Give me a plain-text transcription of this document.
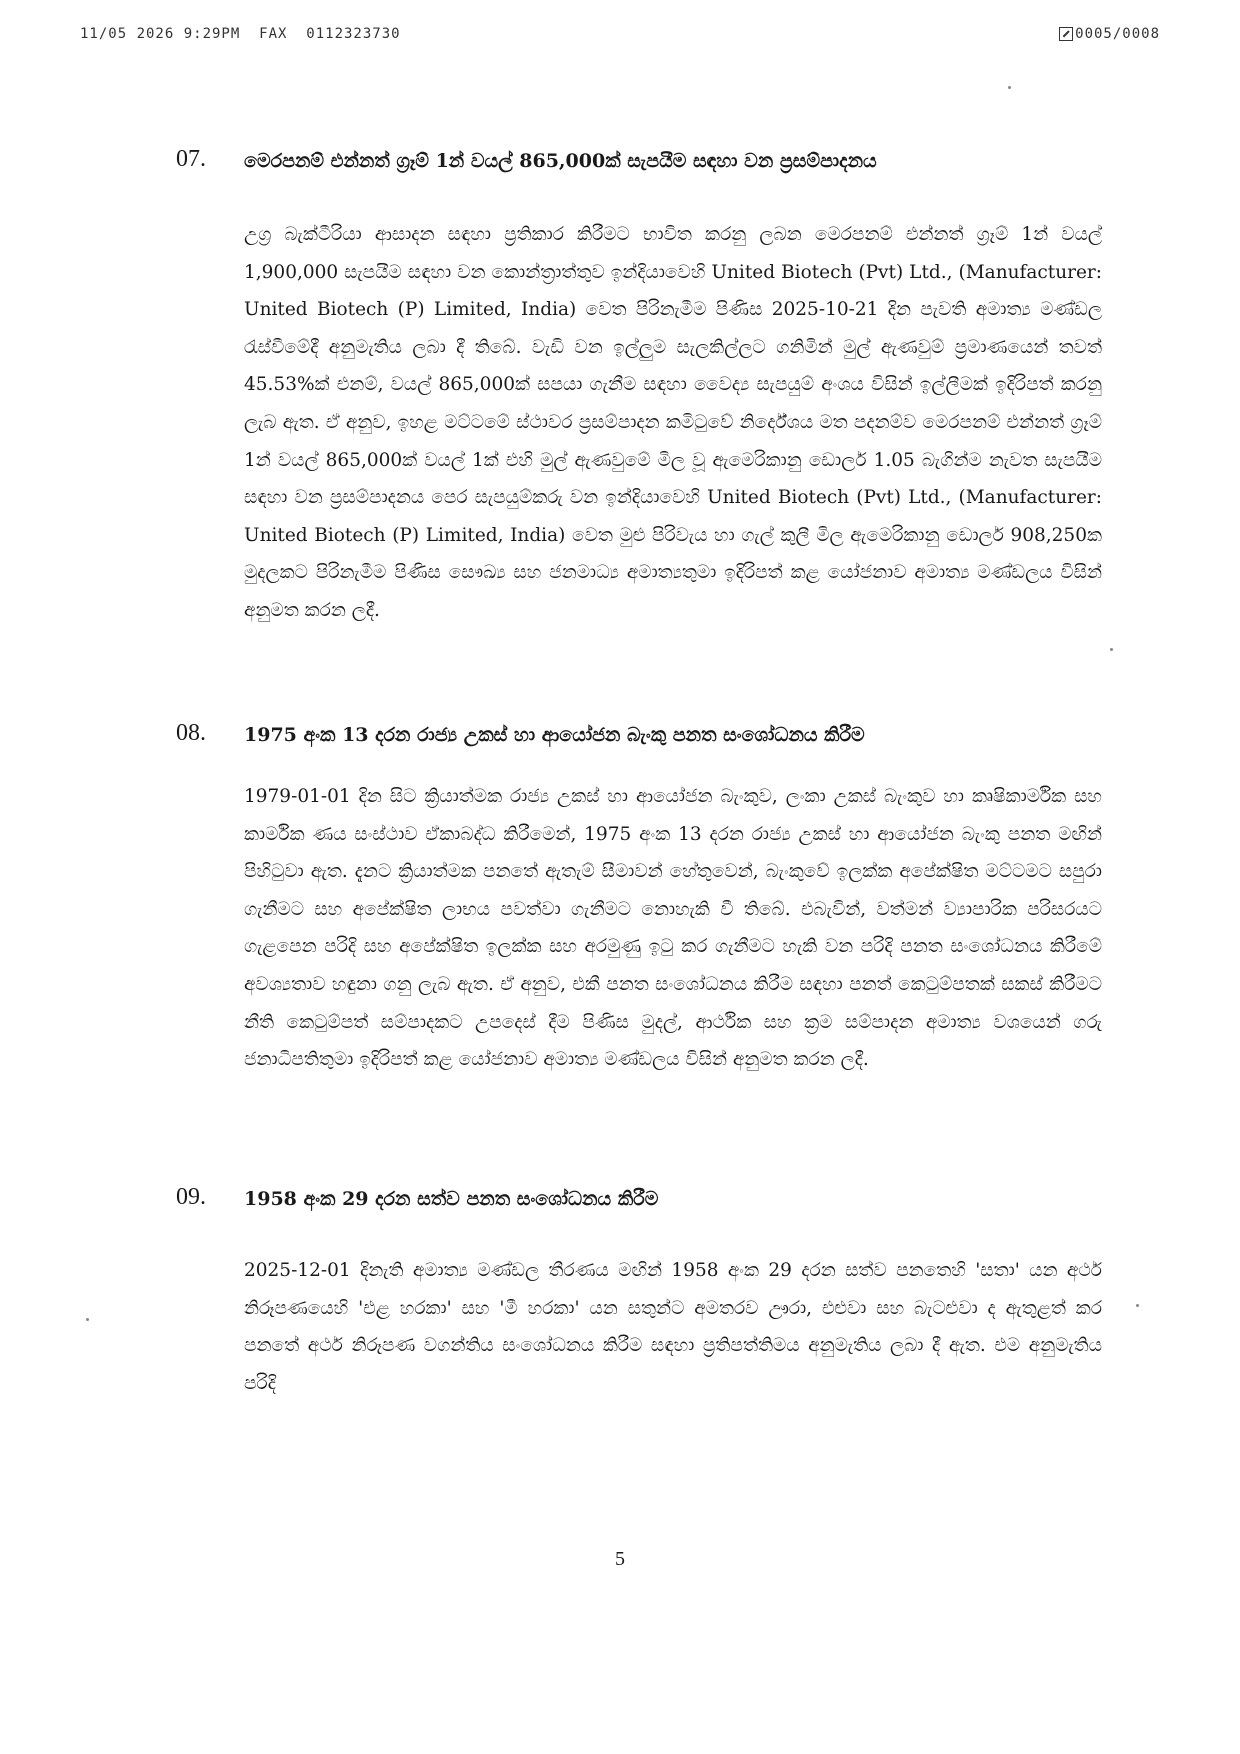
11/05 2026 9:29PM  FAX  0112323730	0005/0008
07. මෙරපනම් එන්නත් ග්‍රෑම් 1න් වයල් 865,000ක් සැපයීම සඳහා වන ප්‍රසම්පාදනය
උග්‍ර බැක්ටීරියා ආසාදන සඳහා ප්‍රතිකාර කිරීමට භාවිත කරනු ලබන මෙරපනම් එන්නත් ග්‍රෑම් 1න් වයල් 1,900,000 සැපයීම සඳහා වන කොන්ත්‍රාත්තුව ඉන්දියාවෙහි United Biotech (Pvt) Ltd., (Manufacturer: United Biotech (P) Limited, India) වෙත පිරිනැමීම පිණිස 2025-10-21 දින පැවති අමාත්‍ය මණ්ඩල රැස්වීමේදී අනුමැතිය ලබා දී තිබේ. වැඩි වන ඉල්ලුම සැලකිල්ලට ගනිමින් මුල් ඇණවුම් ප්‍රමාණයෙන් තවත් 45.53%ක් එනම්, වයල් 865,000ක් සපයා ගැනීම සඳහා වෛද්‍ය සැපයුම් අංශය විසින් ඉල්ලීමක් ඉදිරිපත් කරනු ලැබ ඇත. ඒ අනුව, ඉහළ මට්ටමේ ස්ථාවර ප්‍රසම්පාදන කමිටුවේ නිර්දේශය මත පදනම්ව මෙරපනම් එන්නත් ග්‍රෑම් 1න් වයල් 865,000ක් වයල් 1ක් එහි මුල් ඇණවුමේ මිල වූ ඇමෙරිකානු ඩොලර් 1.05 බැගින්ම නැවත සැපයීම සඳහා වන ප්‍රසම්පාදනය පෙර සැපයුම්කරු වන ඉන්දියාවෙහි United Biotech (Pvt) Ltd., (Manufacturer: United Biotech (P) Limited, India) වෙත මුළු පිරිවැය හා ගැල් කුලී මිල ඇමෙරිකානු ඩොලර් 908,250ක මුදලකට පිරිනැමීම පිණිස සෞඛ්‍ය සහ ජනමාධ්‍ය අමාත්‍යතුමා ඉදිරිපත් කළ යෝජනාව අමාත්‍ය මණ්ඩලය විසින් අනුමත කරන ලදී.
08. 1975 අංක 13 දරන රාජ්‍ය උකස් හා ආයෝජන බැංකු පනත සංශෝධනය කිරීම
1979-01-01 දින සිට ක්‍රියාත්මක රාජ්‍ය උකස් හා ආයෝජන බැංකුව, ලංකා උකස් බැංකුව හා කෘෂිකාර්මික සහ කාර්මික ණය සංස්ථාව ඒකාබද්ධ කිරීමෙන්, 1975 අංක 13 දරන රාජ්‍ය උකස් හා ආයෝජන බැංකු පනත මඟින් පිහිටුවා ඇත. දැනට ක්‍රියාත්මක පනතේ ඇතැම් සීමාවන් හේතුවෙන්, බැංකුවේ ඉලක්ක අපේක්ෂිත මට්ටමට සපුරා ගැනීමට සහ අපේක්ෂිත ලාභය පවත්වා ගැනීමට නොහැකි වී තිබේ. එබැවින්, වත්මන් ව්‍යාපාරික පරිසරයට ගැළපෙන පරිදි සහ අපේක්ෂිත ඉලක්ක සහ අරමුණු ඉටු කර ගැනීමට හැකි වන පරිදි පනත සංශෝධනය කිරීමේ අවශ්‍යතාව හඳුනා ගනු ලැබ ඇත. ඒ අනුව, එකී පනත සංශෝධනය කිරීම සඳහා පනත් කෙටුම්පතක් සකස් කිරීමට නීති කෙටුම්පත් සම්පාදකට උපදෙස් දීම පිණිස මුදල්, ආර්ථික සහ ක්‍රම සම්පාදන අමාත්‍ය වශයෙන් ගරු ජනාධිපතිතුමා ඉදිරිපත් කළ යෝජනාව අමාත්‍ය මණ්ඩලය විසින් අනුමත කරන ලදී.
09. 1958 අංක 29 දරන සත්ව පනත සංශෝධනය කිරීම
2025-12-01 දිනැති අමාත්‍ය මණ්ඩල තීරණය මඟින් 1958 අංක 29 දරන සත්ව පනතෙහි 'සතා' යන අර්ථ නිරූපණයෙහි 'එළ හරකා' සහ 'මී හරකා' යන සතුන්ට අමතරව ඌරා, එළුවා සහ බැටළුවා ද ඇතුළත් කර පනතේ අර්ථ නිරූපණ වගන්තිය සංශෝධනය කිරීම සඳහා ප්‍රතිපත්තිමය අනුමැතිය ලබා දී ඇත. එම අනුමැතිය පරිදි
5
